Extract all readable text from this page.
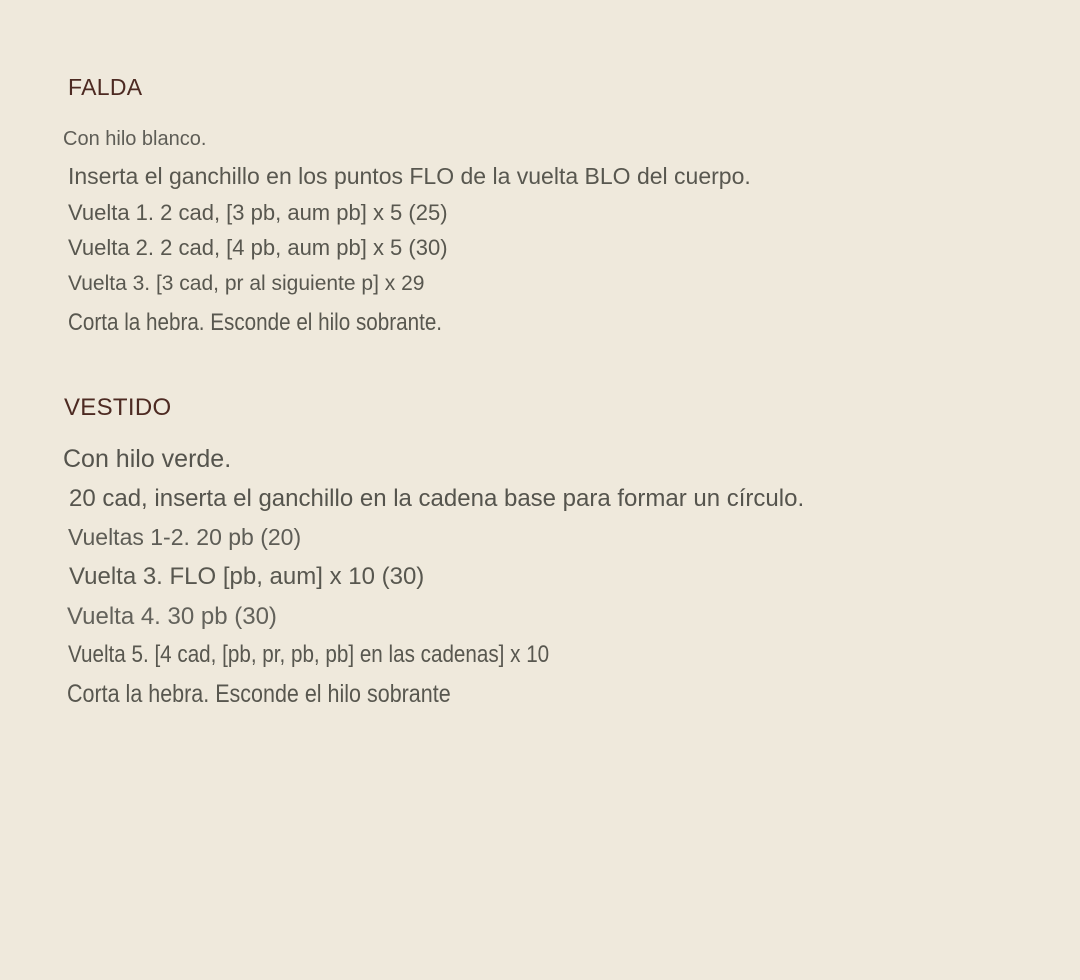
FALDA
Con hilo blanco.
Inserta el ganchillo en los puntos FLO de la vuelta BLO del cuerpo.
Vuelta 1. 2 cad, [3 pb, aum pb] x 5 (25)
Vuelta 2. 2 cad, [4 pb, aum pb] x 5 (30)
Vuelta 3. [3 cad, pr al siguiente p] x 29
Corta la hebra. Esconde el hilo sobrante.
VESTIDO
Con hilo verde.
20 cad, inserta el ganchillo en la cadena base para formar un círculo.
Vueltas 1-2. 20 pb (20)
Vuelta 3. FLO [pb, aum] x 10 (30)
Vuelta 4. 30 pb (30)
Vuelta 5. [4 cad, [pb, pr, pb, pb] en las cadenas] x 10
Corta la hebra. Esconde el hilo sobrante
